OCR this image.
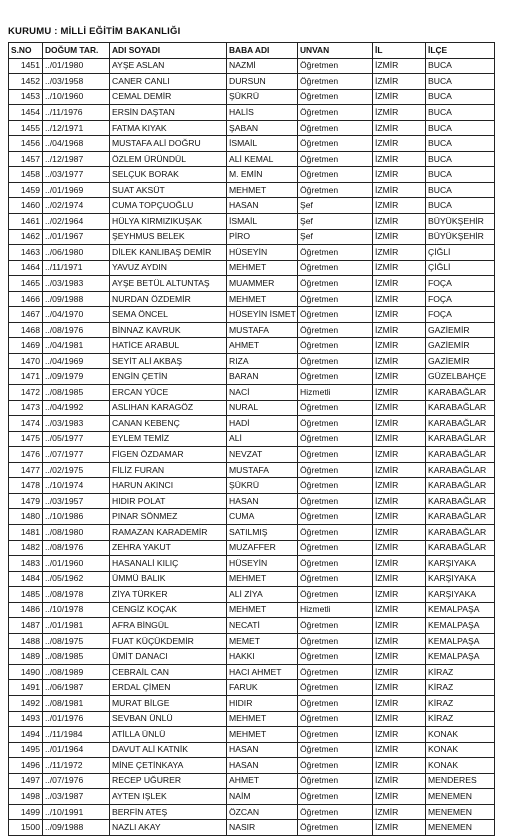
KURUMU : MİLLİ EĞİTİM BAKANLIĞI
S.NO	DOĞUM TAR.	ADI SOYADI	BABA ADI	UNVAN	İL	İLÇE
1451	../01/1980	AYŞE ASLAN	NAZMİ	Öğretmen	İZMİR	BUCA
1452	../03/1958	CANER CANLI	DURSUN	Öğretmen	İZMİR	BUCA
1453	../10/1960	CEMAL DEMİR	ŞÜKRÜ	Öğretmen	İZMİR	BUCA
1454	../11/1976	ERSİN DAŞTAN	HALİS	Öğretmen	İZMİR	BUCA
1455	../12/1971	FATMA KIYAK	ŞABAN	Öğretmen	İZMİR	BUCA
1456	../04/1968	MUSTAFA ALİ DOĞRU	İSMAİL	Öğretmen	İZMİR	BUCA
1457	../12/1987	ÖZLEM ÜRÜNDÜL	ALİ KEMAL	Öğretmen	İZMİR	BUCA
1458	../03/1977	SELÇUK BORAK	M. EMİN	Öğretmen	İZMİR	BUCA
1459	../01/1969	SUAT AKSÜT	MEHMET	Öğretmen	İZMİR	BUCA
1460	../02/1974	CUMA TOPÇUOĞLU	HASAN	Şef	İZMİR	BUCA
1461	../02/1964	HÜLYA KIRMIZIKUŞAK	İSMAİL	Şef	İZMİR	BÜYÜKŞEHİR
1462	../01/1967	ŞEYHMUS BELEK	PİRO	Şef	İZMİR	BÜYÜKŞEHİR
1463	../06/1980	DİLEK KANLIBAŞ DEMİR	HÜSEYİN	Öğretmen	İZMİR	ÇİĞLİ
1464	../11/1971	YAVUZ AYDIN	MEHMET	Öğretmen	İZMİR	ÇİĞLİ
1465	../03/1983	AYŞE BETÜL ALTUNTAŞ	MUAMMER	Öğretmen	İZMİR	FOÇA
1466	../09/1988	NURDAN ÖZDEMİR	MEHMET	Öğretmen	İZMİR	FOÇA
1467	../04/1970	SEMA ÖNCEL	HÜSEYİN İSMET	Öğretmen	İZMİR	FOÇA
1468	../08/1976	BİNNAZ KAVRUK	MUSTAFA	Öğretmen	İZMİR	GAZİEMİR
1469	../04/1981	HATİCE ARABUL	AHMET	Öğretmen	İZMİR	GAZİEMİR
1470	../04/1969	SEYİT ALİ AKBAŞ	RIZA	Öğretmen	İZMİR	GAZİEMİR
1471	../09/1979	ENGİN ÇETİN	BARAN	Öğretmen	İZMİR	GÜZELBAHÇE
1472	../08/1985	ERCAN YÜCE	NACİ	Hizmetli	İZMİR	KARABAĞLAR
1473	../04/1992	ASLIHAN KARAGÖZ	NURAL	Öğretmen	İZMİR	KARABAĞLAR
1474	../03/1983	CANAN KEBENÇ	HADİ	Öğretmen	İZMİR	KARABAĞLAR
1475	../05/1977	EYLEM TEMİZ	ALİ	Öğretmen	İZMİR	KARABAĞLAR
1476	../07/1977	FİGEN ÖZDAMAR	NEVZAT	Öğretmen	İZMİR	KARABAĞLAR
1477	../02/1975	FİLİZ FURAN	MUSTAFA	Öğretmen	İZMİR	KARABAĞLAR
1478	../10/1974	HARUN AKINCI	ŞÜKRÜ	Öğretmen	İZMİR	KARABAĞLAR
1479	../03/1957	HIDIR POLAT	HASAN	Öğretmen	İZMİR	KARABAĞLAR
1480	../10/1986	PINAR SÖNMEZ	CUMA	Öğretmen	İZMİR	KARABAĞLAR
1481	../08/1980	RAMAZAN KARADEMİR	SATILMIŞ	Öğretmen	İZMİR	KARABAĞLAR
1482	../08/1976	ZEHRA YAKUT	MUZAFFER	Öğretmen	İZMİR	KARABAĞLAR
1483	../01/1960	HASANALİ KILIÇ	HÜSEYİN	Öğretmen	İZMİR	KARŞIYAKA
1484	../05/1962	ÜMMÜ BALIK	MEHMET	Öğretmen	İZMİR	KARŞIYAKA
1485	../08/1978	ZİYA TÜRKER	ALİ ZİYA	Öğretmen	İZMİR	KARŞIYAKA
1486	../10/1978	CENGİZ KOÇAK	MEHMET	Hizmetli	İZMİR	KEMALPAŞA
1487	../01/1981	AFRA BİNGÜL	NECATİ	Öğretmen	İZMİR	KEMALPAŞA
1488	../08/1975	FUAT KÜÇÜKDEMİR	MEMET	Öğretmen	İZMİR	KEMALPAŞA
1489	../08/1985	ÜMİT DANACI	HAKKI	Öğretmen	İZMİR	KEMALPAŞA
1490	../08/1989	CEBRAİL CAN	HACI AHMET	Öğretmen	İZMİR	KİRAZ
1491	../06/1987	ERDAL ÇİMEN	FARUK	Öğretmen	İZMİR	KİRAZ
1492	../08/1981	MURAT BİLGE	HIDIR	Öğretmen	İZMİR	KİRAZ
1493	../01/1976	SEVBAN ÜNLÜ	MEHMET	Öğretmen	İZMİR	KİRAZ
1494	../11/1984	ATİLLA ÜNLÜ	MEHMET	Öğretmen	İZMİR	KONAK
1495	../01/1964	DAVUT ALİ KATNİK	HASAN	Öğretmen	İZMİR	KONAK
1496	../11/1972	MİNE ÇETİNKAYA	HASAN	Öğretmen	İZMİR	KONAK
1497	../07/1976	RECEP UĞURER	AHMET	Öğretmen	İZMİR	MENDERES
1498	../03/1987	AYTEN IŞLEK	NAİM	Öğretmen	İZMİR	MENEMEN
1499	../10/1991	BERFİN ATEŞ	ÖZCAN	Öğretmen	İZMİR	MENEMEN
1500	../09/1988	NAZLI AKAY	NASIR	Öğretmen	İZMİR	MENEMEN
